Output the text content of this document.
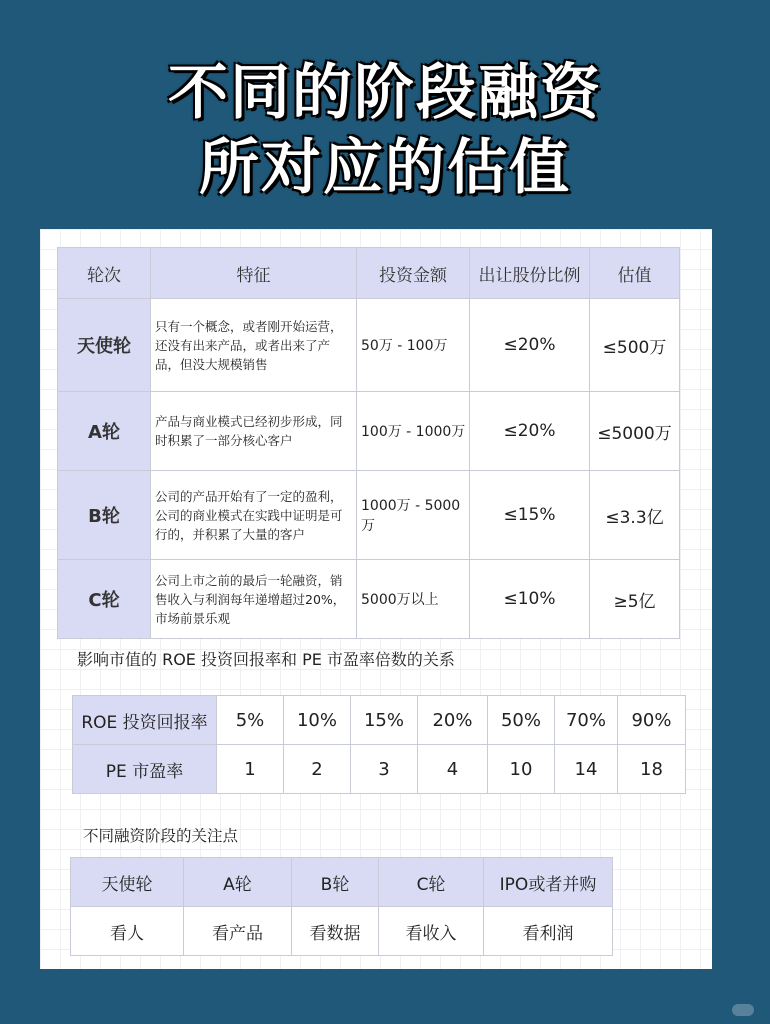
不同的阶段融资
所对应的估值
轮次	特征	投资金额	出让股份比例	估值
天使轮	只有一个概念，或者刚开始运营，还没有出来产品，或者出来了产品，但没大规模销售	50万 - 100万	≤20%	≤500万
A轮	产品与商业模式已经初步形成，同时积累了一部分核心客户	100万 - 1000万	≤20%	≤5000万
B轮	公司的产品开始有了一定的盈利，公司的商业模式在实践中证明是可行的，并积累了大量的客户	1000万 - 5000万	≤15%	≤3.3亿
C轮	公司上市之前的最后一轮融资，销售收入与利润每年递增超过20%，市场前景乐观	5000万以上	≤10%	≥5亿
影响市值的 ROE 投资回报率和 PE 市盈率倍数的关系
ROE 投资回报率	5%	10%	15%	20%	50%	70%	90%
PE 市盈率	1	2	3	4	10	14	18
不同融资阶段的关注点
天使轮	A轮	B轮	C轮	IPO或者并购
看人	看产品	看数据	看收入	看利润
